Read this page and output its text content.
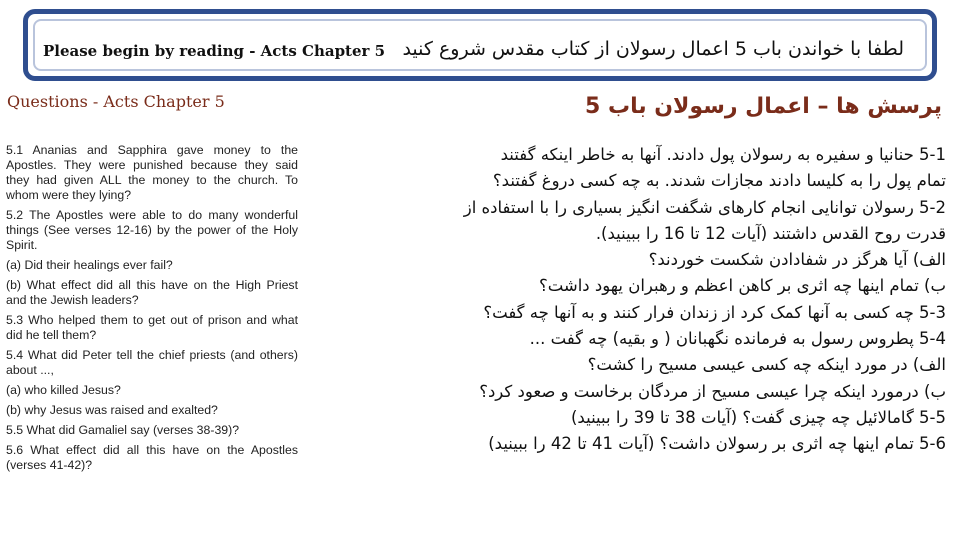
Please begin by reading - Acts Chapter 5 لطفا با خواندن باب 5 اعمال رسولان از کتاب مقدس شروع کنید
Questions - Acts Chapter 5	پرسش ها – اعمال رسولان باب 5

5.1 Ananias and Sapphira gave money to the Apostles. They were punished because they said they had given ALL the money to the church. To whom were they lying?

5.2 The Apostles were able to do many wonderful things (See verses 12-16) by the power of the Holy Spirit.

(a) Did their healings ever fail?

(b) What effect did all this have on the High Priest and the Jewish leaders?

5.3 Who helped them to get out of prison and what did he tell them?

5.4 What did Peter tell the chief priests (and others) about ...,

(a) who killed Jesus?

(b) why Jesus was raised and exalted?

5.5 What did Gamaliel say (verses 38-39)?

5.6 What effect did all this have on the Apostles (verses 41-42)?

5-1 حنانیا و سفیره به رسولان پول دادند. آنها به خاطر اینکه گفتند
تمام پول را به کلیسا دادند مجازات شدند. به چه کسی دروغ گفتند؟
5-2 رسولان توانایی انجام کارهای شگفت انگیز بسیاری را با استفاده از
قدرت روح القدس داشتند (آیات 12 تا 16 را ببینید).
الف) آیا هرگز در شفادادن شکست خوردند؟
ب) تمام اینها چه اثری بر کاهن اعظم و رهبران یهود داشت؟
5-3 چه کسی به آنها کمک کرد از زندان فرار کنند و به آنها چه گفت؟
5-4 پطروس رسول به فرمانده نگهبانان ( و بقیه) چه گفت ...
الف) در مورد اینکه چه کسی عیسی مسیح را کشت؟
ب) درمورد اینکه چرا عیسی مسیح از مردگان برخاست و صعود کرد؟
5-5 گامالائیل چه چیزی گفت؟ (آیات 38 تا 39 را ببینید)
5-6 تمام اینها چه اثری بر رسولان داشت؟ (آیات 41 تا 42 را ببینید)
